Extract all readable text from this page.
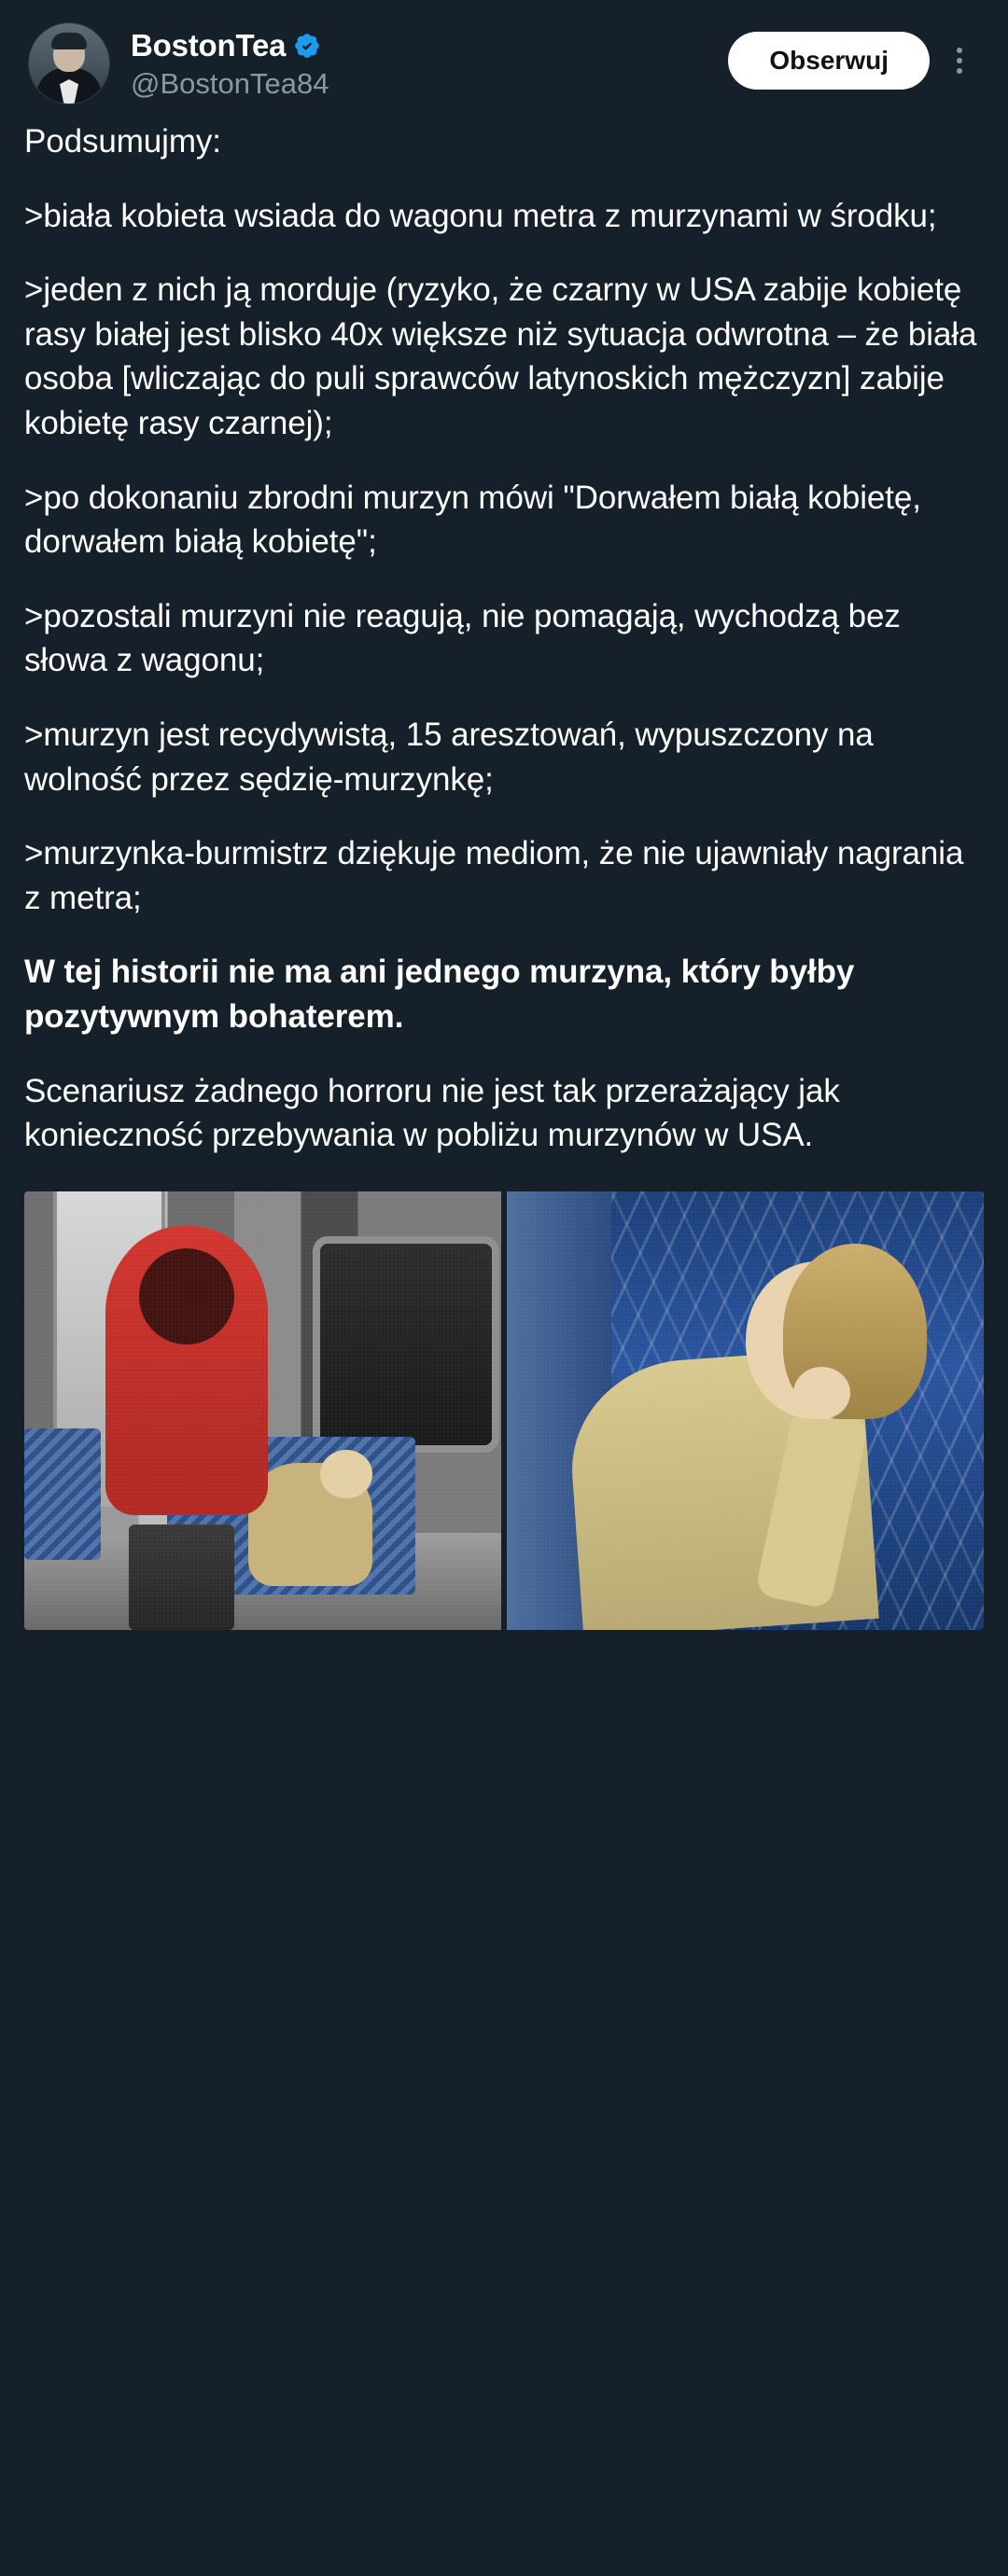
BostonTea
@BostonTea84
Obserwuj

Podsumujmy:

>biała kobieta wsiada do wagonu metra z murzynami w środku;

>jeden z nich ją morduje (ryzyko, że czarny w USA zabije kobietę rasy białej jest blisko 40x większe niż sytuacja odwrotna – że biała osoba [wliczając do puli sprawców latynoskich mężczyzn] zabije kobietę rasy czarnej);

>po dokonaniu zbrodni murzyn mówi "Dorwałem białą kobietę, dorwałem białą kobietę";

>pozostali murzyni nie reagują, nie pomagają, wychodzą bez słowa z wagonu;

>murzyn jest recydywistą, 15 aresztowań, wypuszczony na wolność przez sędzię-murzynkę;

>murzynka-burmistrz dziękuje mediom, że nie ujawniały nagrania z metra;

W tej historii nie ma ani jednego murzyna, który byłby pozytywnym bohaterem.

Scenariusz żadnego horroru nie jest tak przerażający jak konieczność przebywania w pobliżu murzynów w USA.
